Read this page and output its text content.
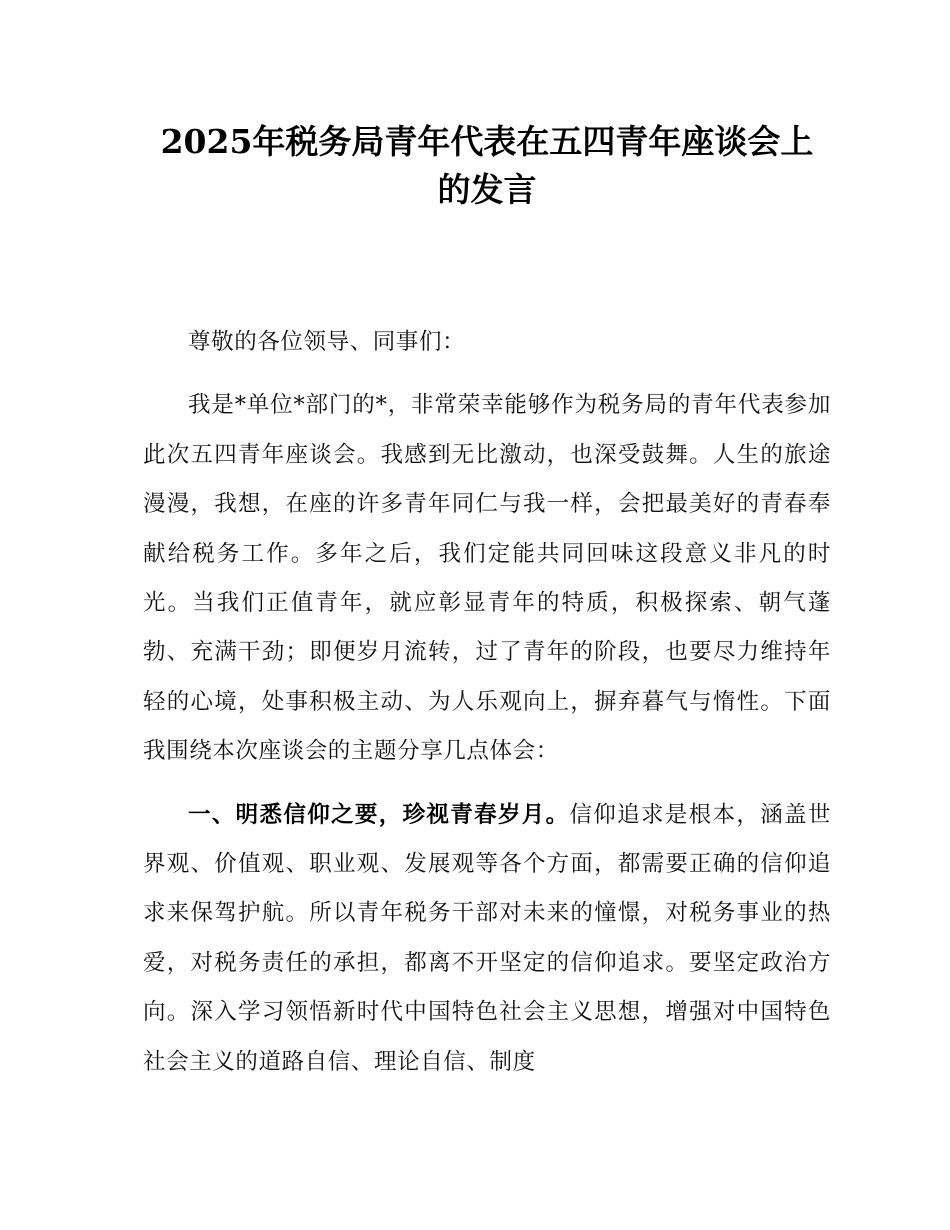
2025年税务局青年代表在五四青年座谈会上
的发言

尊敬的各位领导、同事们：

我是*单位*部门的*，非常荣幸能够作为税务局的青年代表参加此次五四青年座谈会。我感到无比激动，也深受鼓舞。人生的旅途漫漫，我想，在座的许多青年同仁与我一样，会把最美好的青春奉献给税务工作。多年之后，我们定能共同回味这段意义非凡的时光。当我们正值青年，就应彰显青年的特质，积极探索、朝气蓬勃、充满干劲；即便岁月流转，过了青年的阶段，也要尽力维持年轻的心境，处事积极主动、为人乐观向上，摒弃暮气与惰性。下面我围绕本次座谈会的主题分享几点体会：

一、明悉信仰之要，珍视青春岁月。信仰追求是根本，涵盖世界观、价值观、职业观、发展观等各个方面，都需要正确的信仰追求来保驾护航。所以青年税务干部对未来的憧憬，对税务事业的热爱，对税务责任的承担，都离不开坚定的信仰追求。要坚定政治方向。深入学习领悟新时代中国特色社会主义思想，增强对中国特色社会主义的道路自信、理论自信、制度
